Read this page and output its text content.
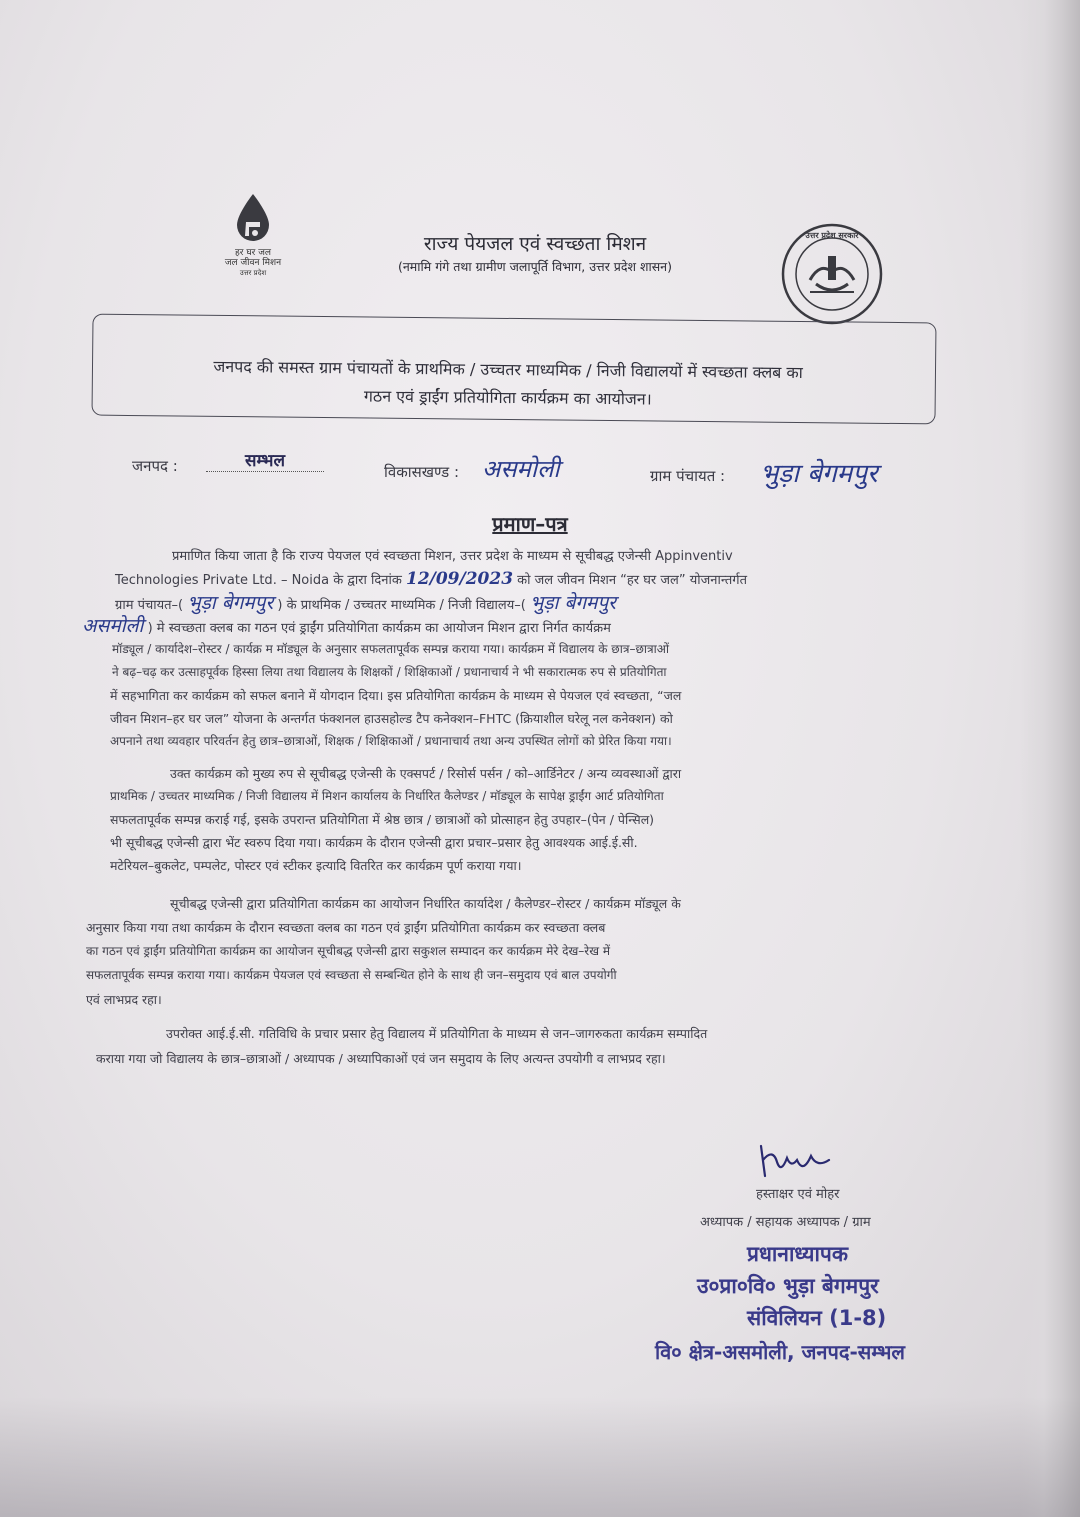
हर घर जल
जल जीवन मिशन
उत्तर प्रदेश
उत्तर प्रदेश सरकार
राज्य पेयजल एवं स्वच्छता मिशन
(नमामि गंगे तथा ग्रामीण जलापूर्ति विभाग, उत्तर प्रदेश शासन)
जनपद की समस्त ग्राम पंचायतों के प्राथमिक / उच्चतर माध्यमिक / निजी विद्यालयों में स्वच्छता क्लब का
गठन एवं ड्राईंग प्रतियोगिता कार्यक्रम का आयोजन।
जनपद :	सम्भल
विकासखण्ड : असमोली	ग्राम पंचायत : भुड़ा बेगमपुर
प्रमाण–पत्र
प्रमाणित किया जाता है कि राज्य पेयजल एवं स्वच्छता मिशन, उत्तर प्रदेश के माध्यम से सूचीबद्ध एजेन्सी Appinventiv
Technologies Private Ltd. – Noida के द्वारा दिनांक 12/09/2023 को जल जीवन मिशन “हर घर जल” योजनान्तर्गत
ग्राम पंचायत–( भुड़ा बेगमपुर ) के प्राथमिक / उच्चतर माध्यमिक / निजी विद्यालय–( भुड़ा बेगमपुर
असमोली ) मे स्वच्छता क्लब का गठन एवं ड्राईंग प्रतियोगिता कार्यक्रम का आयोजन मिशन द्वारा निर्गत कार्यक्रम
मॉड्यूल / कार्यादेश–रोस्टर / कार्यक्र म मॉड्यूल के अनुसार सफलतापूर्वक सम्पन्न कराया गया। कार्यक्रम में विद्यालय के छात्र–छात्राओं
ने बढ़–चढ़ कर उत्साहपूर्वक हिस्सा लिया तथा विद्यालय के शिक्षकों / शिक्षिकाओं / प्रधानाचार्य ने भी सकारात्मक रुप से प्रतियोगिता
में सहभागिता कर कार्यक्रम को सफल बनाने में योगदान दिया। इस प्रतियोगिता कार्यक्रम के माध्यम से पेयजल एवं स्वच्छता, “जल
जीवन मिशन–हर घर जल” योजना के अन्तर्गत फंक्शनल हाउसहोल्ड टैप कनेक्शन–FHTC (क्रियाशील घरेलू नल कनेक्शन) को
अपनाने तथा व्यवहार परिवर्तन हेतु छात्र–छात्राओं, शिक्षक / शिक्षिकाओं / प्रधानाचार्य तथा अन्य उपस्थित लोगों को प्रेरित किया गया।
उक्त कार्यक्रम को मुख्य रुप से सूचीबद्ध एजेन्सी के एक्सपर्ट / रिसोर्स पर्सन / को–आर्डिनेटर / अन्य व्यवस्थाओं द्वारा
प्राथमिक / उच्चतर माध्यमिक / निजी विद्यालय में मिशन कार्यालय के निर्धारित कैलेण्डर / मॉड्यूल के सापेक्ष ड्राईंग आर्ट प्रतियोगिता
सफलतापूर्वक सम्पन्न कराई गई, इसके उपरान्त प्रतियोगिता में श्रेष्ठ छात्र / छात्राओं को प्रोत्साहन हेतु उपहार–(पेन / पेन्सिल)
भी सूचीबद्ध एजेन्सी द्वारा भेंट स्वरुप दिया गया। कार्यक्रम के दौरान एजेन्सी द्वारा प्रचार–प्रसार हेतु आवश्यक आई.ई.सी.
मटेरियल–बुकलेट, पम्पलेट, पोस्टर एवं स्टीकर इत्यादि वितरित कर कार्यक्रम पूर्ण कराया गया।
सूचीबद्ध एजेन्सी द्वारा प्रतियोगिता कार्यक्रम का आयोजन निर्धारित कार्यादेश / कैलेण्डर–रोस्टर / कार्यक्रम मॉड्यूल के
अनुसार किया गया तथा कार्यक्रम के दौरान स्वच्छता क्लब का गठन एवं ड्राईंग प्रतियोगिता कार्यक्रम कर स्वच्छता क्लब
का गठन एवं ड्राईंग प्रतियोगिता कार्यक्रम का आयोजन सूचीबद्ध एजेन्सी द्वारा सकुशल सम्पादन कर कार्यक्रम मेरे देख–रेख में
सफलतापूर्वक सम्पन्न कराया गया। कार्यक्रम पेयजल एवं स्वच्छता से सम्बन्धित होने के साथ ही जन–समुदाय एवं बाल उपयोगी
एवं लाभप्रद रहा।
उपरोक्त आई.ई.सी. गतिविधि के प्रचार प्रसार हेतु विद्यालय में प्रतियोगिता के माध्यम से जन–जागरुकता कार्यक्रम सम्पादित
कराया गया जो विद्यालय के छात्र–छात्राओं / अध्यापक / अध्यापिकाओं एवं जन समुदाय के लिए अत्यन्त उपयोगी व लाभप्रद रहा।
हस्ताक्षर एवं मोहर
अध्यापक / सहायक अध्यापक / ग्राम
प्रधानाध्यापक
उ०प्रा०वि० भुड़ा बेगमपुर
संविलियन (1-8)
वि० क्षेत्र-असमोली, जनपद-सम्भल
